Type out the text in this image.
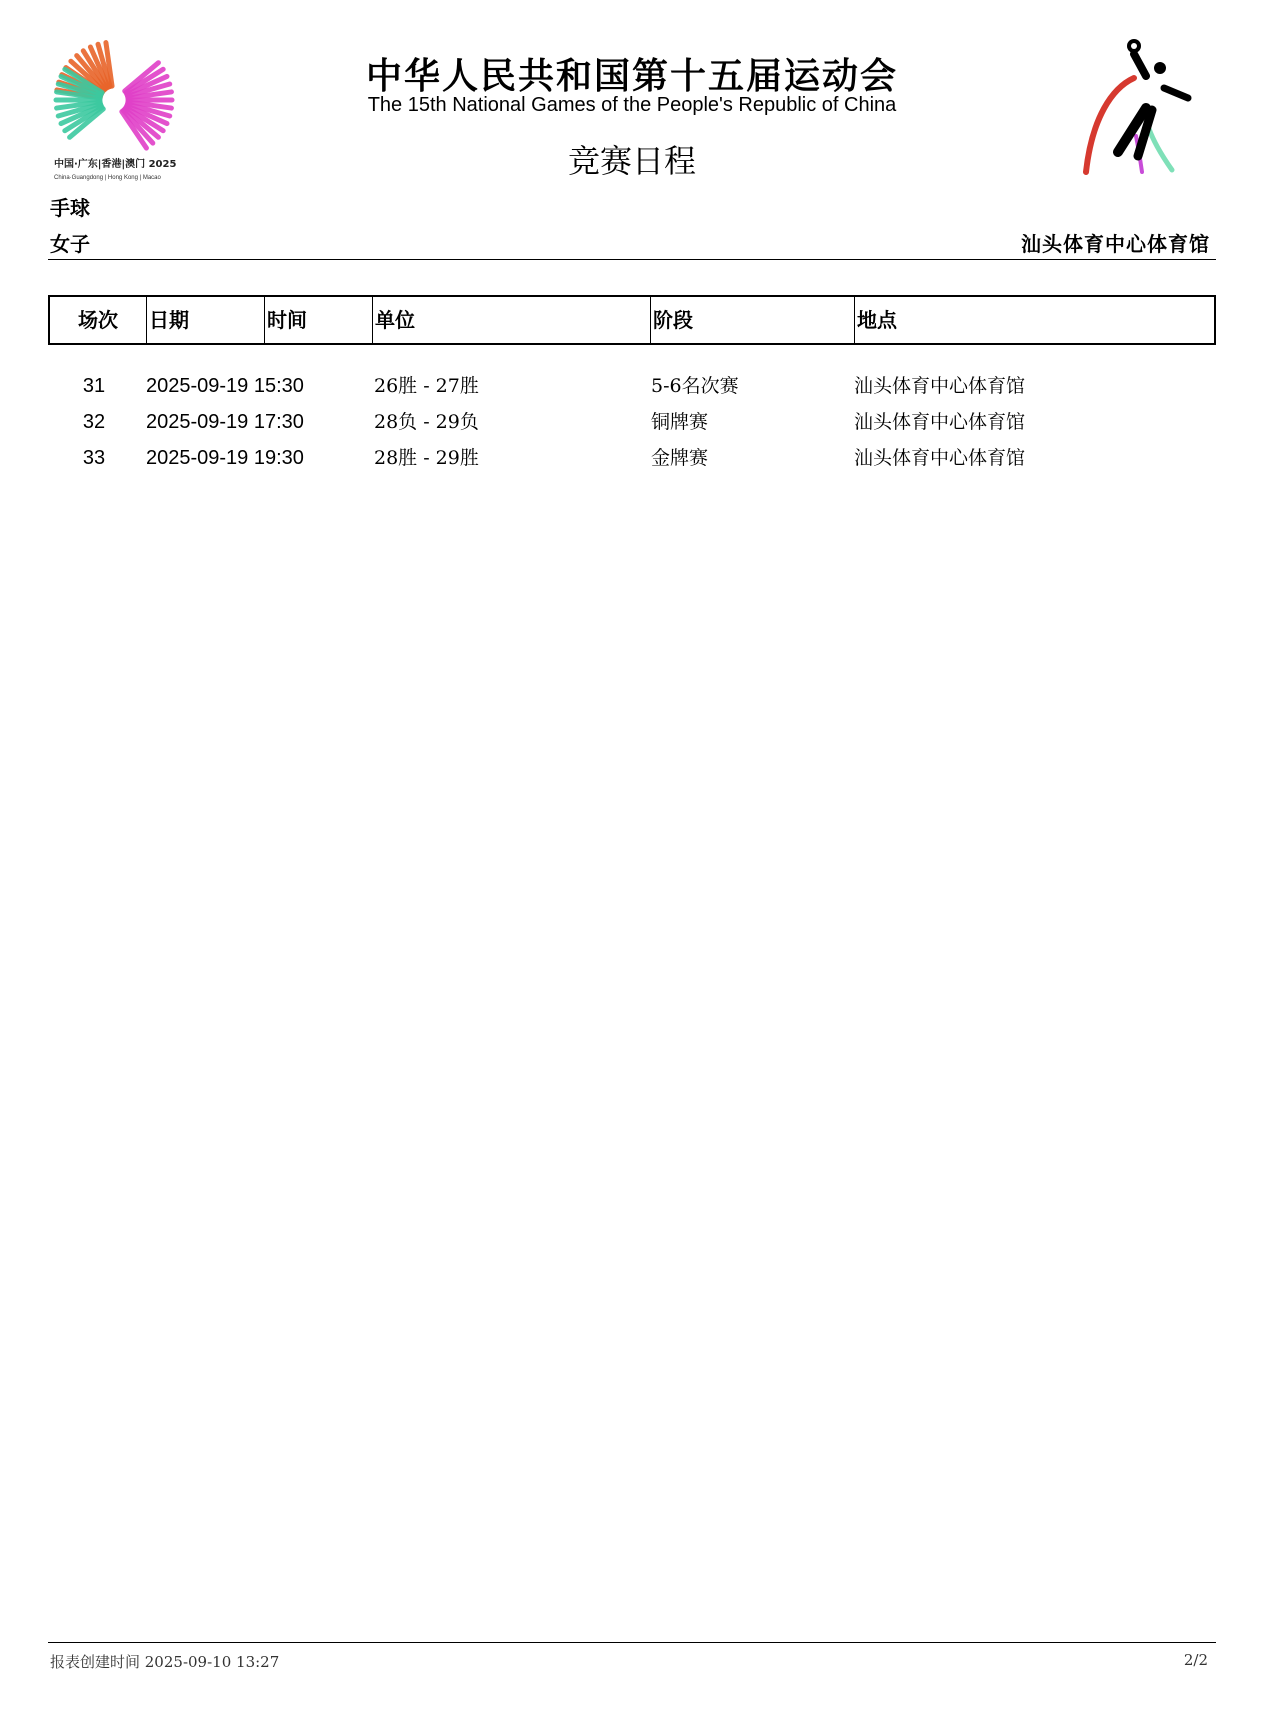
中国·广东|香港|澳门 2025
China·Guangdong | Hong Kong | Macao
中华人民共和国第十五届运动会
The 15th National Games of the People's Republic of China
竞赛日程
手球
女子	汕头体育中心体育馆
场次	日期	时间	单位	阶段	地点
31	2025-09-19 15:30	26胜 - 27胜	5-6名次赛	汕头体育中心体育馆
32	2025-09-19 17:30	28负 - 29负	铜牌赛	汕头体育中心体育馆
33	2025-09-19 19:30	28胜 - 29胜	金牌赛	汕头体育中心体育馆
报表创建时间 2025-09-10 13:27	2/2
